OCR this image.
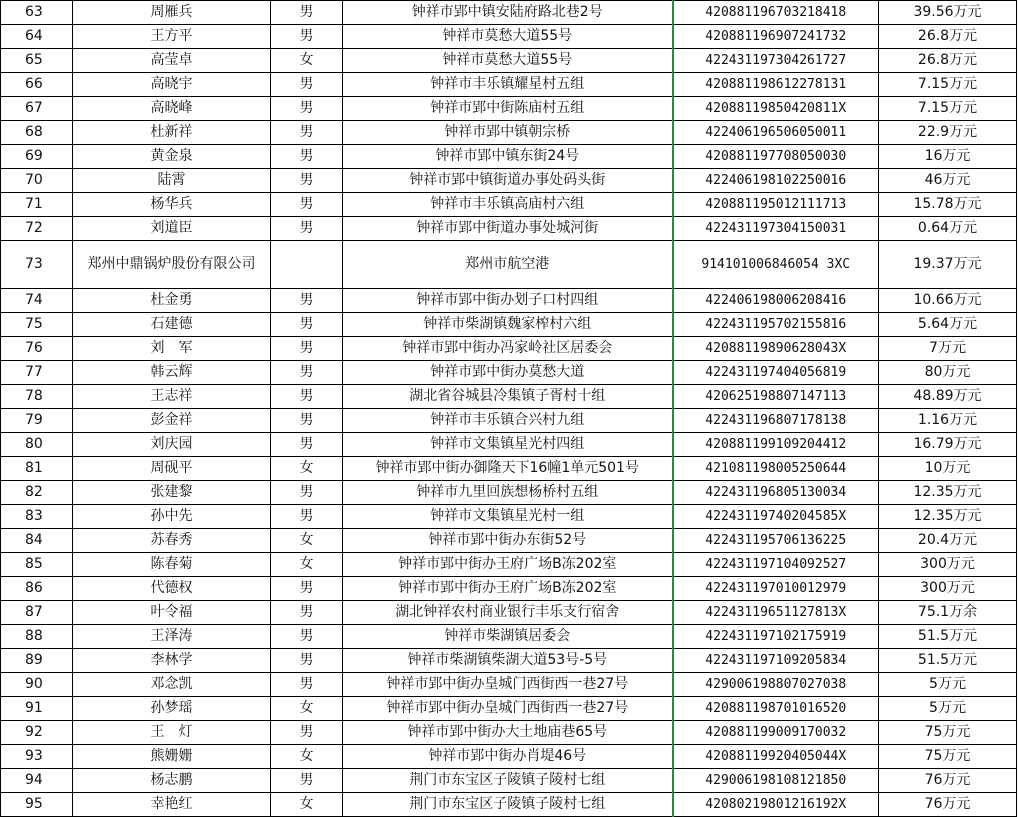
63	周雁兵	男	钟祥市郢中镇安陆府路北巷2号	420881196703218418	39.56万元
64	王方平	男	钟祥市莫愁大道55号	420881196907241732	26.8万元
65	高莹卓	女	钟祥市莫愁大道55号	422431197304261727	26.8万元
66	高晓宇	男	钟祥市丰乐镇耀星村五组	420881198612278131	7.15万元
67	高晓峰	男	钟祥市郢中街陈庙村五组	42088119850420811X	7.15万元
68	杜新祥	男	钟祥市郢中镇朝宗桥	422406196506050011	22.9万元
69	黄金泉	男	钟祥市郢中镇东街24号	420881197708050030	16万元
70	陆霄	男	钟祥市郢中镇街道办事处码头街	422406198102250016	46万元
71	杨华兵	男	钟祥市丰乐镇高庙村六组	420881195012111713	15.78万元
72	刘道臣	男	钟祥市郢中街道办事处城河街	422431197304150031	0.64万元
73	郑州中鼎锅炉股份有限公司		郑州市航空港	914101006846054 3XC	19.37万元
74	杜金勇	男	钟祥市郢中街办划子口村四组	422406198006208416	10.66万元
75	石建德	男	钟祥市柴湖镇魏家榨村六组	422431195702155816	5.64万元
76	刘　军	男	钟祥市郢中街办冯家岭社区居委会	42088119890628043X	7万元
77	韩云辉	男	钟祥市郢中街办莫愁大道	422431197404056819	80万元
78	王志祥	男	湖北省谷城县冷集镇子胥村十组	420625198807147113	48.89万元
79	彭金祥	男	钟祥市丰乐镇合兴村九组	422431196807178138	1.16万元
80	刘庆园	男	钟祥市文集镇星光村四组	420881199109204412	16.79万元
81	周砚平	女	钟祥市郢中街办御隆天下16幢1单元501号	421081198005250644	10万元
82	张建黎	男	钟祥市九里回族想杨桥村五组	422431196805130034	12.35万元
83	孙中先	男	钟祥市文集镇星光村一组	42243119740204585X	12.35万元
84	苏春秀	女	钟祥市郢中街办东街52号	422431195706136225	20.4万元
85	陈春菊	女	钟祥市郢中街办王府广场B冻202室	422431197104092527	300万元
86	代德权	男	钟祥市郢中街办王府广场B冻202室	422431197010012979	300万元
87	叶令福	男	湖北钟祥农村商业银行丰乐支行宿舍	42243119651127813X	75.1万余
88	王泽涛	男	钟祥市柴湖镇居委会	422431197102175919	51.5万元
89	李林学	男	钟祥市柴湖镇柴湖大道53号-5号	422431197109205834	51.5万元
90	邓念凯	男	钟祥市郢中街办皇城门西街西一巷27号	429006198807027038	5万元
91	孙梦瑶	女	钟祥市郢中街办皇城门西街西一巷27号	420881198701016520	5万元
92	王　灯	男	钟祥市郢中街办大土地庙巷65号	420881199009170032	75万元
93	熊姗姗	女	钟祥市郢中街办肖堤46号	42088119920405044X	75万元
94	杨志鹏	男	荆门市东宝区子陵镇子陵村七组	429006198108121850	76万元
95	幸艳红	女	荆门市东宝区子陵镇子陵村七组	42080219801216192X	76万元
